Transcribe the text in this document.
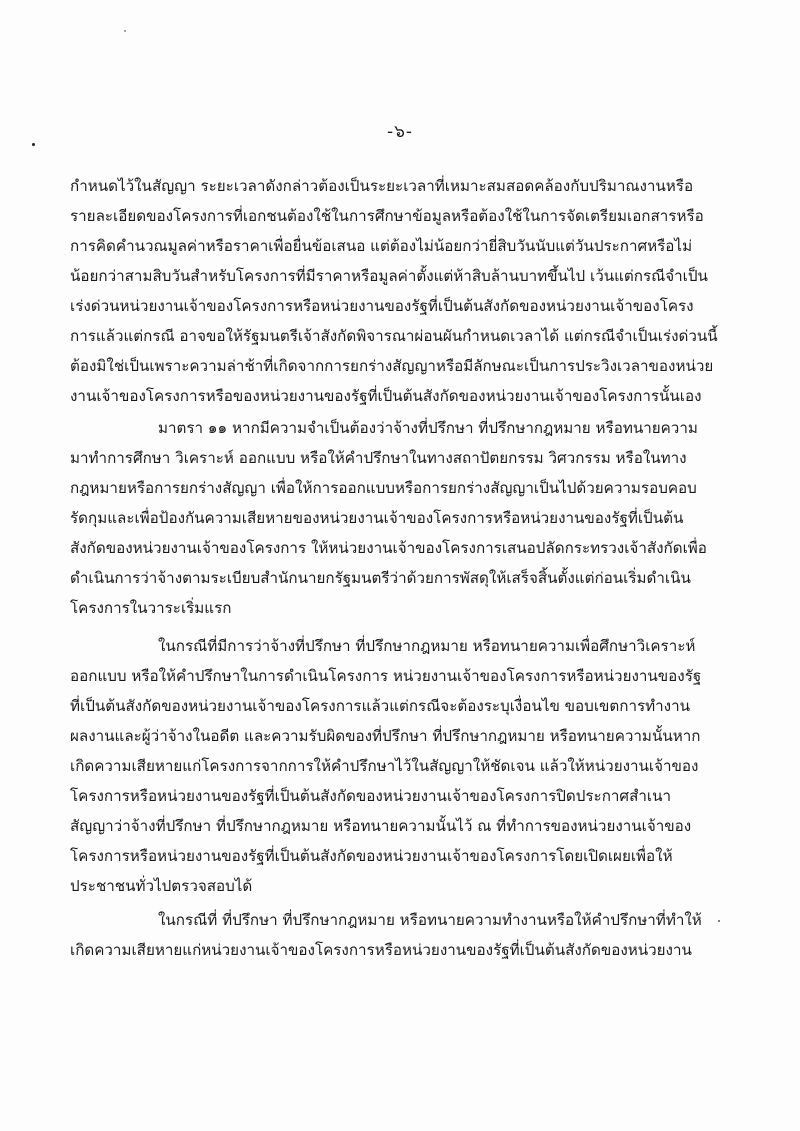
-๖-
กำหนดไว้ในสัญญา ระยะเวลาดังกล่าวต้องเป็นระยะเวลาที่เหมาะสมสอดคล้องกับปริมาณงานหรือ
รายละเอียดของโครงการที่เอกชนต้องใช้ในการศึกษาข้อมูลหรือต้องใช้ในการจัดเตรียมเอกสารหรือ
การคิดคำนวณมูลค่าหรือราคาเพื่อยื่นข้อเสนอ แต่ต้องไม่น้อยกว่ายี่สิบวันนับแต่วันประกาศหรือไม่
น้อยกว่าสามสิบวันสำหรับโครงการที่มีราคาหรือมูลค่าตั้งแต่ห้าสิบล้านบาทขึ้นไป เว้นแต่กรณีจำเป็น
เร่งด่วนหน่วยงานเจ้าของโครงการหรือหน่วยงานของรัฐที่เป็นต้นสังกัดของหน่วยงานเจ้าของโครง
การแล้วแต่กรณี อาจขอให้รัฐมนตรีเจ้าสังกัดพิจารณาผ่อนผันกำหนดเวลาได้ แต่กรณีจำเป็นเร่งด่วนนี้
ต้องมิใช่เป็นเพราะความล่าช้าที่เกิดจากการยกร่างสัญญาหรือมีลักษณะเป็นการประวิงเวลาของหน่วย
งานเจ้าของโครงการหรือของหน่วยงานของรัฐที่เป็นต้นสังกัดของหน่วยงานเจ้าของโครงการนั้นเอง
มาตรา ๑๑ หากมีความจำเป็นต้องว่าจ้างที่ปรึกษา ที่ปรึกษากฎหมาย หรือทนายความ
มาทำการศึกษา วิเคราะห์ ออกแบบ หรือให้คำปรึกษาในทางสถาปัตยกรรม วิศวกรรม หรือในทาง
กฎหมายหรือการยกร่างสัญญา เพื่อให้การออกแบบหรือการยกร่างสัญญาเป็นไปด้วยความรอบคอบ
รัดกุมและเพื่อป้องกันความเสียหายของหน่วยงานเจ้าของโครงการหรือหน่วยงานของรัฐที่เป็นต้น
สังกัดของหน่วยงานเจ้าของโครงการ ให้หน่วยงานเจ้าของโครงการเสนอปลัดกระทรวงเจ้าสังกัดเพื่อ
ดำเนินการว่าจ้างตามระเบียบสำนักนายกรัฐมนตรีว่าด้วยการพัสดุให้เสร็จสิ้นตั้งแต่ก่อนเริ่มดำเนิน
โครงการในวาระเริ่มแรก
ในกรณีที่มีการว่าจ้างที่ปรึกษา ที่ปรึกษากฎหมาย หรือทนายความเพื่อศึกษาวิเคราะห์
ออกแบบ หรือให้คำปรึกษาในการดำเนินโครงการ หน่วยงานเจ้าของโครงการหรือหน่วยงานของรัฐ
ที่เป็นต้นสังกัดของหน่วยงานเจ้าของโครงการแล้วแต่กรณีจะต้องระบุเงื่อนไข ขอบเขตการทำงาน
ผลงานและผู้ว่าจ้างในอดีต และความรับผิดของที่ปรึกษา ที่ปรึกษากฎหมาย หรือทนายความนั้นหาก
เกิดความเสียหายแก่โครงการจากการให้คำปรึกษาไว้ในสัญญาให้ชัดเจน แล้วให้หน่วยงานเจ้าของ
โครงการหรือหน่วยงานของรัฐที่เป็นต้นสังกัดของหน่วยงานเจ้าของโครงการปิดประกาศสำเนา
สัญญาว่าจ้างที่ปรึกษา ที่ปรึกษากฎหมาย หรือทนายความนั้นไว้ ณ ที่ทำการของหน่วยงานเจ้าของ
โครงการหรือหน่วยงานของรัฐที่เป็นต้นสังกัดของหน่วยงานเจ้าของโครงการโดยเปิดเผยเพื่อให้
ประชาชนทั่วไปตรวจสอบได้
ในกรณีที่ ที่ปรึกษา ที่ปรึกษากฎหมาย หรือทนายความทำงานหรือให้คำปรึกษาที่ทำให้
เกิดความเสียหายแก่หน่วยงานเจ้าของโครงการหรือหน่วยงานของรัฐที่เป็นต้นสังกัดของหน่วยงาน
